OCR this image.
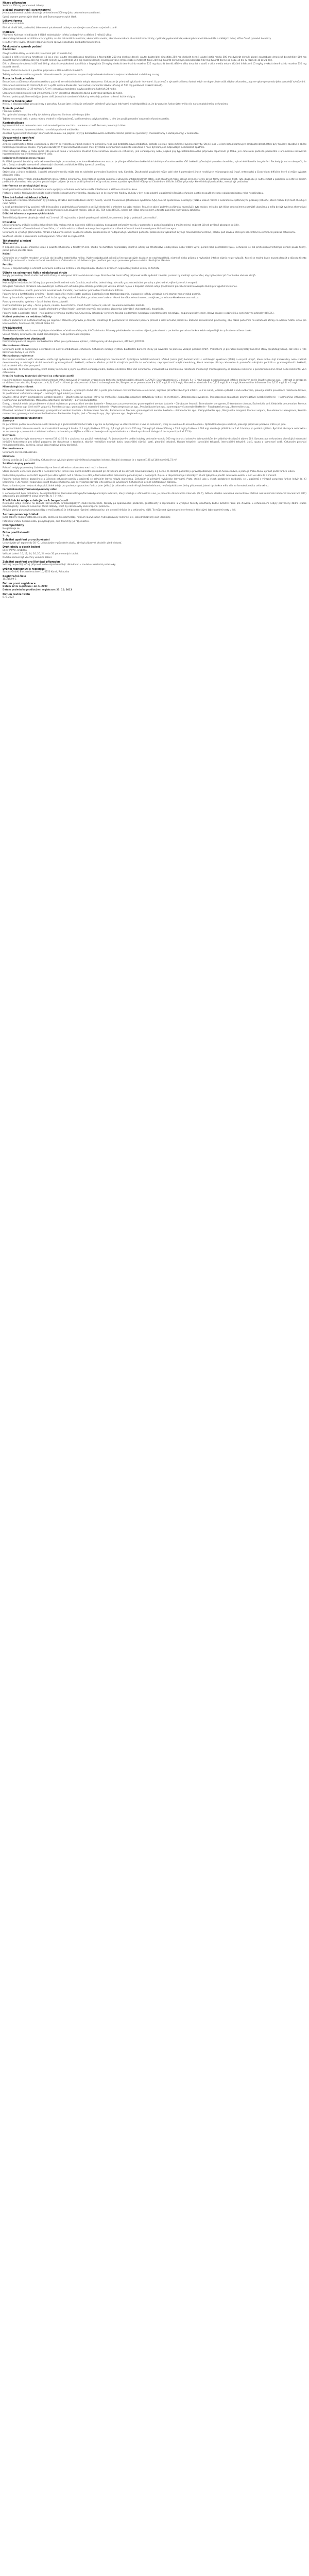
Název přípravku

Xorimax 500 mg potahované tablety

Složení kvalitativní i kvantitativní

Jedna potahovaná tableta obsahuje cefuroximum 500 mg (jako cefuroximum axetilum).

Úplný seznam pomocných látek viz bod Seznam pomocných látek.

Léková forma

Potahovaná tableta.

Bílé až téměř bílé, podlouhlé, bikonvexní potahované tablety s vyraženým označením na jedné straně.

Indikace

Přípravek Xorimax je indikován k léčbě následujících infekcí u dospělých a dětí od 3 měsíců věku:

akutní streptokoková tonzilitida a faryngitida; akutní bakteriální sinusitida; akutní otitis media; akutní exacerbace chronické bronchitidy; cystitida; pyelonefritida; nekomplikované infekce kůže a měkkých tkání; léčba časné lymeské boreliózy.

Je nutné vzít v úvahu oficiální doporučení pro správné používání antibakteriálních látek.

Dávkování a způsob podání

Dávkování

Obvyklá délka léčby je sedm dní (v rozmezí pěti až deseti dní).

Dospělí a děti s tělesnou hmotností 40 kg a více: akutní streptokoková tonzilitida a faryngitida 250 mg dvakrát denně; akutní bakteriální sinusitida 250 mg dvakrát denně; akutní otitis media 500 mg dvakrát denně; akutní exacerbace chronické bronchitidy 500 mg dvakrát denně; cystitida 250 mg dvakrát denně; pyelonefritida 250 mg dvakrát denně; nekomplikované infekce kůže a měkkých tkání 250 mg dvakrát denně; lymeská borelióza 500 mg dvakrát denně po dobu 14 dní (v rozmezí 10 až 21 dní).

Děti s tělesnou hmotností nižší než 40 kg: akutní streptokoková tonzilitida a faryngitida 10 mg/kg dvakrát denně až do maxima 125 mg dvakrát denně; děti ve věku dvou let a starší s otitis media nebo s těžšími infekcemi 15 mg/kg dvakrát denně až do maxima 250 mg dvakrát denně.

Nejsou žádné zkušenosti s použitím přípravku u dětí mladších 3 měsíců.

Tablety cefuroxim-axetilu a granule cefuroxim-axetilu pro perorální suspenzi nejsou bioekvivalentní a nejsou zaměnitelné na bázi mg na mg.

Porucha funkce ledvin

Bezpečnost a účinnost cefuroxim-axetilu u pacientů se selháním ledvin nebyla stanovena. Cefuroxim je primárně vylučován ledvinami. U pacientů s výrazně sníženou funkcí ledvin se doporučuje snížit dávku cefuroximu, aby se vykompenzovalo jeho pomalejší vylučování.

Clearance kreatininu 30 ml/min/1,73 m² a vyšší: úprava dávkování není nutná (standardní dávka 125 mg až 500 mg podávaná dvakrát denně).

Clearance kreatininu 10–29 ml/min/1,73 m²: jednotlivá standardní dávka podávaná každých 24 hodin.

Clearance kreatininu nižší než 10 ml/min/1,73 m²: jednotlivá standardní dávka podávaná každých 48 hodin.

Pacienti podstupující hemodialýzu: jedna další jednotlivá standardní dávka by měla být podána na konci každé dialýzy.

Porucha funkce jater

Nejsou k dispozici údaje pro pacienty s poruchou funkce jater. Jelikož je cefuroxim primárně vylučován ledvinami, nepředpokládá se, že by porucha funkce jater měla vliv na farmakokinetiku cefuroximu.

Způsob podání

Perorální podání.

Pro optimální absorpci by měly být tablety přípravku Xorimax užívány po jídle.

Tablety se nemají drtit, a proto nejsou vhodné k léčbě pacientů, kteří nemohou polykat tablety. U dětí lze použít perorální suspenzi cefuroxim-axetilu.

Kontraindikace

Hypersenzitivita na cefuroxim nebo na kteroukoli pomocnou látku uvedenou v bodě Seznam pomocných látek.

Pacienti se známou hypersenzitivitou na cefalosporinová antibiotika.

Závažná hypersenzitivita (např. anafylaktická reakce) na jakýkoli jiný typ betalaktamového antibakteriálního přípravku (peniciliny, monobaktamy a karbapenemy) v anamnéze.

Upozornění a opatření

Hypersenzitivní reakce

Zvláštní opatrnosti je třeba u pacientů, u kterých se vyskytla alergická reakce na peniciliny nebo jiná betalaktamová antibiotika, protože existuje riziko zkřížené hypersenzitivity. Stejně jako u všech betalaktamových antibakteriálních látek byly hlášeny závažné a občas fatální hypersenzitivní reakce. V případě závažných hypersenzitivních reakcí musí být léčba cefuroximem okamžitě ukončena a musí být zahájena odpovídající neodkladná opatření.

Před zahájením léčby je třeba zjistit, zda pacient nemá v anamnéze závažné hypersenzitivní reakce na cefuroxim, jiné cefalosporiny nebo jakýkoli jiný typ betalaktamového přípravku. Opatrnosti je třeba, je-li cefuroxim podáván pacientům s anamnézou nezávažné hypersenzitivity na jiné betalaktamové látky.

Jarischova-Herxheimerova reakce

Po léčbě lymeské boreliózy cefuroxim-axetilem byla pozorována Jarischova-Herxheimerova reakce. Je přímým důsledkem baktericidní aktivity cefuroxim-axetilu vůči bakterii způsobující lymeskou boreliózu, spirochétě Borrelia burgdorferi. Pacienty je nutno ubezpečit, že jde o častý a obvykle samovolně odeznívající důsledek antibiotické léčby lymeské boreliózy.

Pomnožení necitlivých mikroorganismů

Stejně jako u jiných antibiotik, i použití cefuroxim-axetilu může mít za následek pomnožení kvasinek rodu Candida. Dlouhodobé používání může také vést k pomnožení jiných necitlivých mikroorganismů (např. enterokoků a Clostridium difficile), které si může vyžádat přerušení léčby.

Při používání téměř všech antibakteriálních látek, včetně cefuroximu, byla hlášena kolitida spojená s užíváním antibakteriálních látek, jejíž závažnost může kolísat od mírné formy až po formy ohrožující život. Tuto diagnózu je nutno zvážit u pacientů, u nichž se během podávání cefuroximu nebo po jeho podání objeví průjem. Je nutno zvážit přerušení léčby cefuroximem a podání specifické léčby proti Clostridium difficile. Léčivé přípravky, které inhibují peristaltiku, nemají být podávány.

Interference se sérologickými testy

Vznik pozitivního výsledku Coombsova testu spojený s užíváním cefuroximu může interferovat s křížovou zkouškou krve.

Protože u testů s ferrikyanidem může dojít k falešně negativnímu výsledku, doporučuje se ke stanovení hladiny glukózy v krvi nebo plazmě u pacientů léčených cefuroxim-axetilem použít metodu s glukózooxidázou nebo hexokinázou.

Závažné kožní nežádoucí účinky

V souvislosti s léčbou cefuroximem byly hlášeny závažné kožní nežádoucí účinky (SCAR), včetně Stevensova-Johnsonova syndromu (SJS), toxické epidermální nekrolýzy (TEN) a lékové reakce s eozinofilií a systémovými příznaky (DRESS), které mohou být život ohrožující nebo fatální.

V době předepisování by pacienti měli být poučeni o známkách a příznacích a pečlivě sledováni s ohledem na kožní reakce. Pokud se objeví známky a příznaky naznačující tyto reakce, měla by být léčba cefuroximem okamžitě ukončena a měla by být zvážena alternativní léčba. Pokud se u pacienta při použití cefuroximu rozvinula závažná reakce, jako je SJS, TEN nebo DRESS, nesmí být léčba cefuroximem u tohoto pacienta nikdy znovu zahájena.

Důležité informace o pomocných látkách

Tento léčivý přípravek obsahuje méně než 1 mmol (23 mg) sodíku v jedné potahované tabletě, to znamená, že je v podstatě „bez sodíku“.

Interakce

Léčivé přípravky snižující aciditu žaludečních šťáv mohou mít za následek nižší biologickou dostupnost cefuroxim-axetilu v porovnání s podáním nalačno a mají tendenci snižovat účinek zvýšené absorpce po jídle.

Cefuroxim-axetil může ovlivňovat střevní flóru, což může vést ke snížené reabsorpci estrogenů a ke snížené účinnosti kombinované perorální antikoncepce.

Cefuroxim se vylučuje glomerulární filtrací a tubulární sekrecí. Současné užívání probenecidu se nedoporučuje. Současné podávání probenecidu významně zvyšuje maximální koncentraci, plochu pod křivkou sérových koncentrací a eliminační poločas cefuroximu.

Současné užívání s perorálními antikoagulancii může vést ke zvýšení INR.

Těhotenství a kojení

Těhotenství

K dispozici jsou pouze omezené údaje o použití cefuroximu u těhotných žen. Studie na zvířatech neprokázaly škodlivé účinky na těhotenství, embryonální nebo fetální vývoj, porod nebo postnatální vývoj. Cefuroxim se má předepisovat těhotným ženám pouze tehdy, pokud přínos převáží riziko.

Kojení

Cefuroxim se v malém množství vylučuje do lidského mateřského mléka. Výskyt nežádoucích účinků při terapeutických dávkách se nepředpokládá, nicméně riziko průjmu a mykotické infekce sliznic nelze vyloučit. Kojení se možná bude muset přerušit z důvodu těchto účinků. Je nutno vzít v úvahu možnost senzibilizace. Cefuroxim se má během kojení používat pouze po posouzení přínosu a rizika ošetřujícím lékařem.

Fertilita

Nejsou k dispozici údaje o účincích cefuroxim-axetilu na fertilitu u lidí. Reprodukční studie na zvířatech neprokázaly žádné účinky na fertilitu.

Účinky na schopnost řídit a obsluhovat stroje

Nebyly provedeny žádné studie hodnotící účinky na schopnost řídit a obsluhovat stroje. Protože však tento léčivý přípravek může způsobit závratě, pacienti by měli být upozorněni, aby byli opatrní při řízení nebo obsluze strojů.

Nežádoucí účinky

Nejčastějšími nežádoucími účinky jsou pomnožení kvasinek rodu Candida, eozinofilie, bolest hlavy, závratě, gastrointestinální poruchy a přechodné zvýšení jaterních enzymů.

Kategorie frekvence přiřazené níže uvedeným nežádoucím účinkům jsou odhady, protože pro většinu účinků nejsou k dispozici vhodné údaje (například z placebem kontrolovaných studií) pro výpočet incidence.

Infekce a infestace – časté: pomnožení kvasinek rodu Candida; není známo: pomnožení Clostridium difficile.

Poruchy krve a lymfatického systému – časté: eozinofilie; méně časté: pozitivní Coombsův test, trombocytopenie, leukopenie (někdy výrazná); není známo: hemolytická anemie.

Poruchy imunitního systému – méně časté: kožní vyrážky; vzácné: kopřivka, pruritus; není známo: léková horečka, sérová nemoc, anafylaxe, Jarischova-Herxheimerova reakce.

Poruchy nervového systému – časté: bolest hlavy, závratě.

Gastrointestinální poruchy – časté: průjem, nauzea, bolest břicha; méně časté: zvracení; vzácné: pseudomembranózní kolitida.

Poruchy jater a žlučových cest – časté: přechodné zvýšení hladin jaterních enzymů; není známo: žloutenka (převážně cholestatická), hepatitida.

Poruchy kůže a podkožní tkáně – není známo: erythema multiforme, Stevensův-Johnsonův syndrom, toxická epidermální nekrolýza (exantematózní nekrolýza), angioneurotický edém, léková reakce s eozinofilií a systémovými příznaky (DRESS).

Hlášení podezření na nežádoucí účinky

Hlášení podezření na nežádoucí účinky po registraci léčivého přípravku je důležité. Umožňuje to pokračovat ve sledování poměru přínosů a rizik léčivého přípravku. Žádáme zdravotnické pracovníky, aby hlásili podezření na nežádoucí účinky na adresu: Státní ústav pro kontrolu léčiv, Šrobárova 48, 100 41 Praha 10.

Předávkování

Předávkování může vést k neurologickým následkům, včetně encefalopatie, křečí a kómatu. Příznaky předávkování se mohou objevit, pokud není u pacientů s poruchou funkce ledvin odpovídajícím způsobem snížena dávka.

Sérové hladiny cefuroximu lze snížit hemodialýzou nebo peritoneální dialýzou.

Farmakodynamické vlastnosti

Farmakoterapeutická skupina: antibakteriální léčiva pro systémovou aplikaci, cefalosporiny druhé generace, ATC kód: J01DC02.

Mechanismus účinku

Cefuroxim-axetil se hydrolyzuje esterázami na aktivní antibiotikum cefuroxim. Cefuroxim inhibuje syntézu bakteriální buněčné stěny po navázání na proteiny vázající penicilin (PBP). Výsledkem je přerušení biosyntézy buněčné stěny (peptidoglykanu), což vede k lýze bakteriální buňky a její smrti.

Mechanismus rezistence

Bakteriální rezistence vůči cefuroximu může být způsobena jedním nebo více z následujících mechanismů: hydrolýzou betalaktamázami, včetně (mimo jiné) betalaktamáz s rozšířeným spektrem (ESBL) a enzymů AmpC, které mohou být indukovány nebo stabilně derepresovány u některých druhů aerobních gramnegativních bakterií; sníženou afinitou proteinů vázajících penicilin ke cefuroximu; nepropustností vnější membrány, která omezuje přístup cefuroximu k proteinům vázajícím penicilin u gramnegativních bakterií; bakteriálními efluxními pumpami.

Lze očekávat, že mikroorganismy, které získaly rezistenci k jiným injekčním cefalosporinům, budou rezistentní také vůči cefuroximu. V závislosti na mechanismu rezistence mohou být mikroorganismy se získanou rezistencí k penicilinům méně citlivé nebo rezistentní vůči cefuroximu.

Hraniční hodnoty testování citlivosti na cefuroxim-axetil

Hraniční hodnoty minimální inhibiční koncentrace (MIC) stanovené Evropským výborem pro testování antimikrobiální citlivosti (EUCAST): Enterobacterales S ≤ 8 mg/l, R > 8 mg/l (pouze nekomplikované infekce močových cest); Staphylococcus spp. – citlivost je odvozena od citlivosti na cefoxitin; Streptococcus A, B, C a G – citlivost je odvozena od citlivosti na benzylpenicilin; Streptococcus pneumoniae S ≤ 0,25 mg/l, R > 0,5 mg/l; Moraxella catarrhalis S ≤ 0,125 mg/l, R > 4 mg/l; Haemophilus influenzae S ≤ 0,125 mg/l, R > 1 mg/l.

Mikrobiologická citlivost

Prevalence získané rezistence se může geograficky a časově u vybraných druhů lišit, a proto jsou žádoucí místní informace o rezistenci, zejména při léčbě závažných infekcí. Je-li to nutné, je třeba vyžádat si radu odborníka, pokud je místní prevalence rezistence taková, že použitelnost cefuroximu alespoň u některých typů infekcí je sporná.

Obvykle citlivé druhy: grampozitivní aerobní bakterie – Staphylococcus aureus (citlivý na methicilin), koaguláza-negativní stafylokoky (citlivé na methicilin), Streptococcus pyogenes, Streptococcus agalactiae; gramnegativní aerobní bakterie – Haemophilus influenzae, Haemophilus parainfluenzae, Moraxella catarrhalis; spirochéty – Borrelia burgdorferi.

Druhy, u kterých může být problémem získaná rezistence: grampozitivní aerobní bakterie – Streptococcus pneumoniae; gramnegativní aerobní bakterie – Citrobacter freundii, Enterobacter aerogenes, Enterobacter cloacae, Escherichia coli, Klebsiella pneumoniae, Proteus mirabilis, Proteus spp. (jiné než P. vulgaris), Providencia spp.; grampozitivní anaerobní bakterie – Peptostreptococcus spp., Propionibacterium spp.; gramnegativní anaerobní bakterie – Fusobacterium spp., Bacteroides spp.

Přirozeně rezistentní mikroorganismy: grampozitivní aerobní bakterie – Enterococcus faecalis, Enterococcus faecium; gramnegativní aerobní bakterie – Acinetobacter spp., Campylobacter spp., Morganella morganii, Proteus vulgaris, Pseudomonas aeruginosa, Serratia marcescens; gramnegativní anaerobní bakterie – Bacteroides fragilis; jiné – Chlamydia spp., Mycoplasma spp., Legionella spp.

Farmakokinetické vlastnosti

Absorpce

Po perorálním podání se cefuroxim-axetil absorbuje z gastrointestinálního traktu a rychle se hydrolyzuje ve střevní sliznici a krvi na cefuroxim, který se uvolňuje do krevního oběhu. Optimální absorpce nastává, pokud je přípravek podáván krátce po jídle.

Po podání tablet cefuroxim-axetilu se maximálních sérových hladin (2,1 mg/l při dávce 125 mg, 4,1 mg/l při dávce 250 mg, 7,0 mg/l při dávce 500 mg a 13,6 mg/l při dávce 1 000 mg) dosahuje přibližně za 2 až 3 hodiny po podání s jídlem. Rychlost absorpce cefuroximu ze suspenze je v porovnání s tabletami snížena, což vede k pozdějším a nižším vrcholovým sérovým hladinám a snížené systémové biologické dostupnosti (o 4 až 17 %).

Distribuce

Vazba na bílkoviny byla stanovena v rozmezí 33 až 50 % v závislosti na použité metodologii. Po jednorázovém podání tablety cefuroxim-axetilu 500 mg dvanácti zdravým dobrovolníkům byl zdánlivý distribuční objem 50 l. Koncentrace cefuroximu převyšující minimální inhibiční koncentrace pro běžné patogeny lze dosáhnout v tonzilách, tkáních vedlejších nosních dutin, bronchiální sliznici, kosti, pleurální tekutině, kloubní tekutině, synoviální tekutině, intersticiální tekutině, žluči, sputu a komorové vodě. Cefuroxim prochází hematoencefalickou bariérou, pokud jsou mozkové pleny zanícené.

Biotransformace

Cefuroxim není metabolizován.

Eliminace

Sérový poločas je 1 až 1,5 hodiny. Cefuroxim se vylučuje glomerulární filtrací a tubulární sekrecí. Renální clearance je v rozmezí 125 až 148 ml/min/1,73 m².

Zvláštní skupiny pacientů

Pohlaví: nebyly pozorovány žádné rozdíly ve farmakokinetice cefuroximu mezi muži a ženami.

Starší pacienti: u starších pacientů s normální funkcí ledvin není nutná zvláštní opatrnost při dávkování až do obvyklé maximální dávky 1 g denně. U starších pacientů je pravděpodobnější snížená funkce ledvin, a proto je třeba dávku upravit podle funkce ledvin.

Pediatrická populace: u starších kojenců (ve věku vyšším než 3 měsíce) a u dětí je farmakokinetika cefuroximu podobná jako u dospělých. Nejsou k dispozici údaje z klinických studií týkající se použití cefuroxim-axetilu u dětí ve věku do 3 měsíců.

Porucha funkce ledvin: bezpečnost a účinnost cefuroxim-axetilu u pacientů se selháním ledvin nebyla stanovena. Cefuroxim je primárně vylučován ledvinami. Proto, stejně jako u všech podobných antibiotik, se u pacientů s výrazně poruchou funkce ledvin (tj. Cl kreatininu < 30 ml/min) doporučuje snížit dávku cefuroximu, aby se vykompenzovalo jeho pomalejší vylučování. Cefuroxim je účinně odstraňován dialýzou.

Porucha funkce jater: nejsou k dispozici žádné údaje pro pacienty s poruchou funkce jater. Jelikož je cefuroxim primárně vylučován ledvinami, nepředpokládá se, že by přítomnost jaterní dysfunkce měla vliv na farmakokinetiku cefuroximu.

Farmakokinetický/farmakodynamický vztah

U cefalosporinů bylo prokázáno, že nejdůležitějším farmakokinetickým/farmakodynamickým indexem, který koreluje s účinností in vivo, je procento dávkovacího intervalu (% T), během kterého nevázaná koncentrace zůstává nad minimální inhibiční koncentrací (MIC) cefuroximu pro jednotlivé cílové druhy (tj. % T > MIC).

Předklinické údaje vztahující se k bezpečnosti

Neklinické údaje získané na základě konvenčních farmakologických studií bezpečnosti, toxicity po opakovaném podávání, genotoxicity a reprodukční a vývojové toxicity neodhalily žádné zvláštní riziko pro člověka. S cefuroximem nebyly provedeny žádné studie kancerogenity, nicméně neexistují žádné důkazy, které by naznačovaly kancerogenní potenciál.

Aktivita gama-glutamyltranspeptidázy v moči potkanů je inhibována různými cefalosporiny, ale úroveň inhibice je u cefuroximu nižší. To může mít význam pro interferenci s klinickými laboratorními testy u lidí.

Seznam pomocných látek

Jádro tablety: mikrokrystalická celulóza, sodná sůl kroskarmelózy, natrium-lauryl-sulfát, hydrogenovaný rostlinný olej, koloidní bezvodý oxid křemičitý.

Potahová vrstva: hypromelóza, propylenglykol, oxid titaničitý (E171), mastek.

Inkompatibility

Neuplatňuje se.

Doba použitelnosti

3 roky.

Zvláštní opatření pro uchovávání

Uchovávejte při teplotě do 30 °C. Uchovávejte v původním obalu, aby byl přípravek chráněn před vlhkostí.

Druh obalu a obsah balení

Blistr (Al/Al), krabička.

Velikost balení: 10, 12, 14, 16, 20, 24 nebo 50 potahovaných tablet.

Na trhu nemusí být všechny velikosti balení.

Zvláštní opatření pro likvidaci přípravku

Veškerý nepoužitý léčivý přípravek nebo odpad musí být zlikvidován v souladu s místními požadavky.

Držitel rozhodnutí o registraci

Sandoz GmbH, Biochemiestrasse 10, 6250 Kundl, Rakousko

Registrační číslo

15/315/09-C

Datum první registrace

Datum první registrace: 13. 5. 2009

Datum posledního prodloužení registrace: 23. 10. 2013

Datum revize textu

8. 6. 2022
